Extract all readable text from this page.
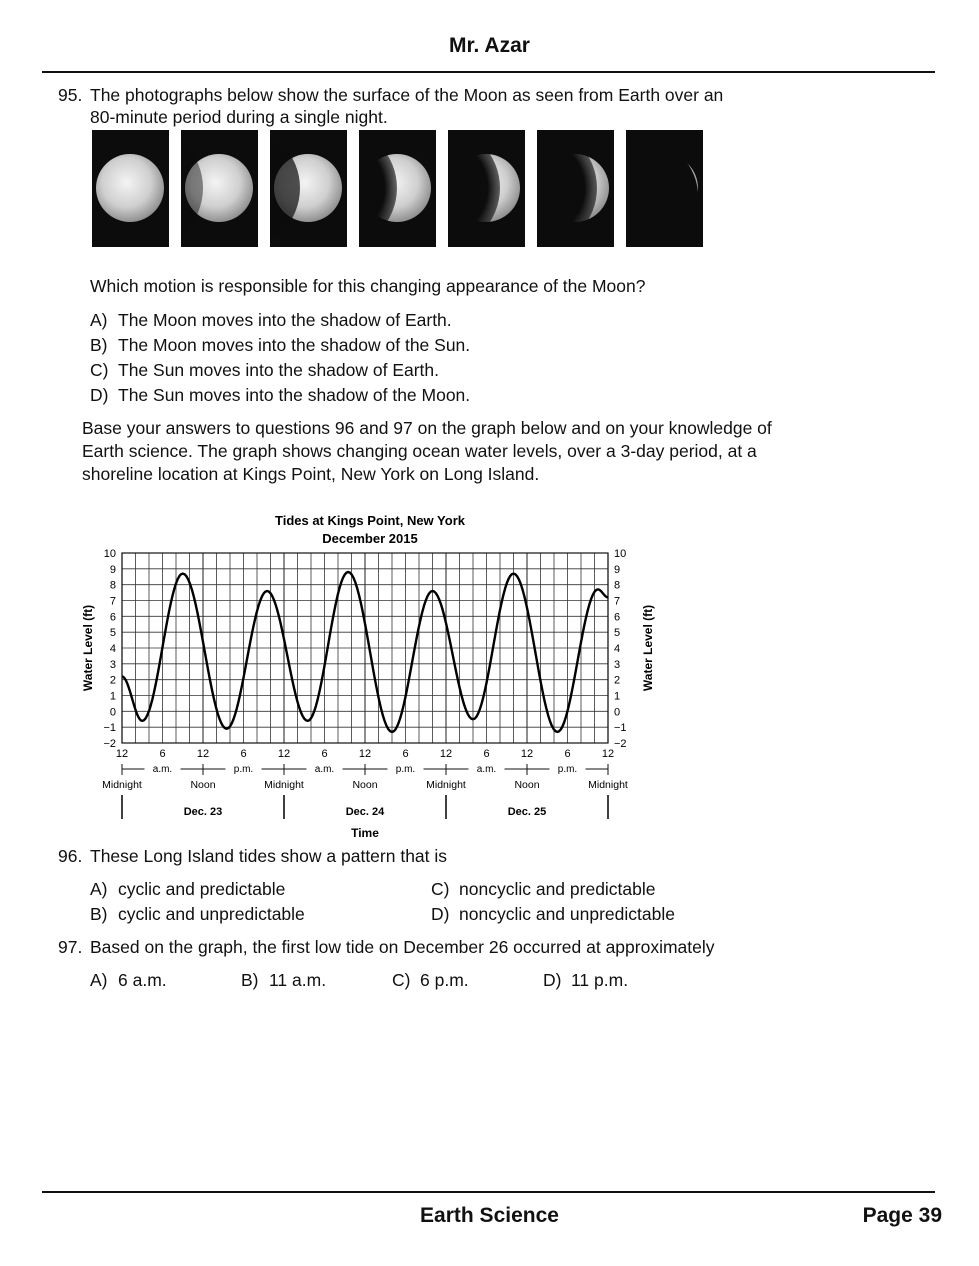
Mr. Azar
95. The photographs below show the surface of the Moon as seen from Earth over an
80-minute period during a single night.
Which motion is responsible for this changing appearance of the Moon?
A) The Moon moves into the shadow of Earth.
B) The Moon moves into the shadow of the Sun.
C) The Sun moves into the shadow of Earth.
D) The Sun moves into the shadow of the Moon.
Base your answers to questions 96 and 97 on the graph below and on your knowledge of
Earth science. The graph shows changing ocean water levels, over a 3-day period, at a
shoreline location at Kings Point, New York on Long Island.
Tides at Kings Point, New York
December 2015
10	10
9	9
8	8
7	7
6	6
5	5
4	4
3	3
2	2
1	1
0	0
−1	−1
−2	−2
Water Level (ft)	Water Level (ft)
12	6	12	6	12	6	12	6	12	6	12	6	12
a.m.	p.m.	a.m.	p.m.	a.m.	p.m.
Midnight	Noon	Midnight	Noon	Midnight	Noon	Midnight
Dec. 23	Dec. 24	Dec. 25
Time
96. These Long Island tides show a pattern that is
A) cyclic and predictable
B) cyclic and unpredictable
C) noncyclic and predictable
D) noncyclic and unpredictable
97. Based on the graph, the first low tide on December 26 occurred at approximately
A) 6 a.m.	B) 11 a.m.	C) 6 p.m.	D) 11 p.m.
Earth Science	Page 39
